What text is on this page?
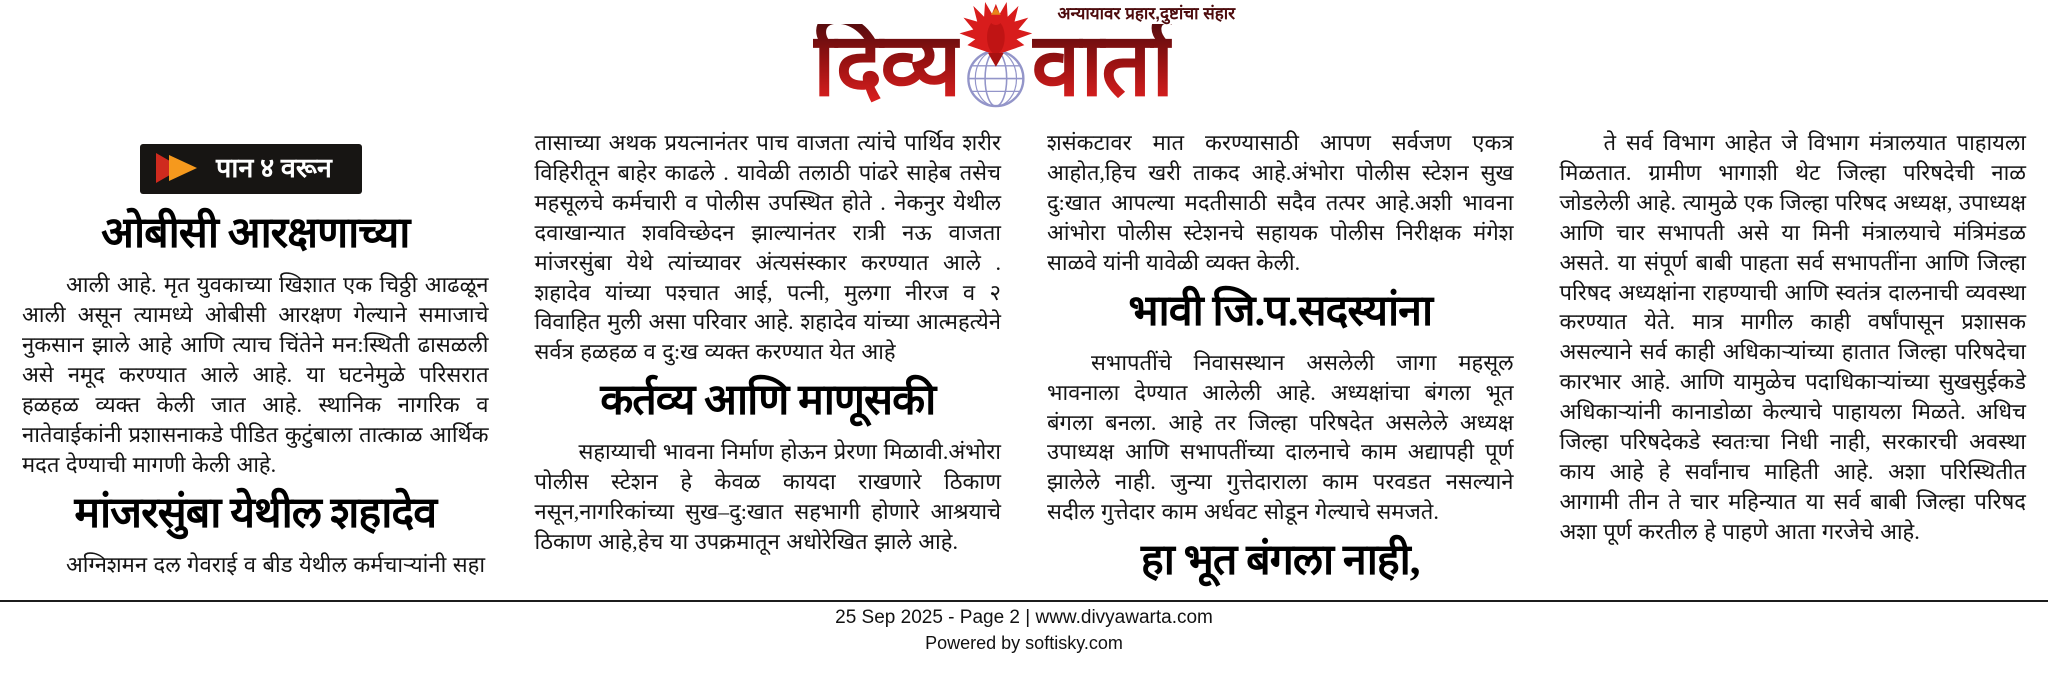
दिव्य
अन्यायावर प्रहार,दुष्टांचा संहार
वार्ता
पान ४ वरून
ओबीसी आरक्षणाच्या

आली आहे. मृत युवकाच्या खिशात एक चिठ्ठी आढळून आली असून त्यामध्ये ओबीसी आरक्षण गेल्याने समाजाचे नुकसान झाले आहे आणि त्याच चिंतेने मन:स्थिती ढासळली असे नमूद करण्यात आले आहे. या घटनेमुळे परिसरात हळहळ व्यक्त केली जात आहे. स्थानिक नागरिक व नातेवाईकांनी प्रशासनाकडे पीडित कुटुंबाला तात्काळ आर्थिक मदत देण्याची मागणी केली आहे.

मांजरसुंबा येथील शहादेव

अग्निशमन दल गेवराई व बीड येथील कर्मचाऱ्यांनी सहा

तासाच्या अथक प्रयत्नानंतर पाच वाजता त्यांचे पार्थिव शरीर विहिरीतून बाहेर काढले . यावेळी तलाठी पांढरे साहेब तसेच महसूलचे कर्मचारी व पोलीस उपस्थित होते . नेकनुर येथील दवाखान्यात शवविच्छेदन झाल्यानंतर रात्री नऊ वाजता मांजरसुंबा येथे त्यांच्यावर अंत्यसंस्कार करण्यात आले . शहादेव यांच्या पश्चात आई, पत्नी, मुलगा नीरज व २ विवाहित मुली असा परिवार आहे. शहादेव यांच्या आत्महत्येने सर्वत्र हळहळ व दु:ख व्यक्त करण्यात येत आहे

कर्तव्य आणि माणूसकी

सहाय्याची भावना निर्माण होऊन प्रेरणा मिळावी.अंभोरा पोलीस स्टेशन हे केवळ कायदा राखणारे ठिकाण नसून,नागरिकांच्या सुख–दु:खात सहभागी होणारे आश्रयाचे ठिकाण आहे,हेच या उपक्रमातून अधोरेखित झाले आहे.

शसंकटावर मात करण्यासाठी आपण सर्वजण एकत्र आहोत,हिच खरी ताकद आहे.अंभोरा पोलीस स्टेशन सुख दु:खात आपल्या मदतीसाठी सदैव तत्पर आहे.अशी भावना आंभोरा पोलीस स्टेशनचे सहायक पोलीस निरीक्षक मंगेश साळवे यांनी यावेळी व्यक्त केली.

भावी जि.प.सदस्यांना

सभापतींचे निवासस्थान असलेली जागा महसूल भावनाला देण्यात आलेली आहे. अध्यक्षांचा बंगला भूत बंगला बनला. आहे तर जिल्हा परिषदेत असलेले अध्यक्ष उपाध्यक्ष आणि सभापतींच्या दालनाचे काम अद्यापही पूर्ण झालेले नाही. जुन्या गुत्तेदाराला काम परवडत नसल्याने सदील गुत्तेदार काम अर्धवट सोडून गेल्याचे समजते.

हा भूत बंगला नाही,

ते सर्व विभाग आहेत जे विभाग मंत्रालयात पाहायला मिळतात. ग्रामीण भागाशी थेट जिल्हा परिषदेची नाळ जोडलेली आहे. त्यामुळे एक जिल्हा परिषद अध्यक्ष, उपाध्यक्ष आणि चार सभापती असे या मिनी मंत्रालयाचे मंत्रिमंडळ असते. या संपूर्ण बाबी पाहता सर्व सभापतींना आणि जिल्हा परिषद अध्यक्षांना राहण्याची आणि स्वतंत्र दालनाची व्यवस्था करण्यात येते. मात्र मागील काही वर्षांपासून प्रशासक असल्याने सर्व काही अधिकाऱ्यांच्या हातात जिल्हा परिषदेचा कारभार आहे. आणि यामुळेच पदाधिकाऱ्यांच्या सुखसुईकडे अधिकाऱ्यांनी कानाडोळा केल्याचे पाहायला मिळते. अधिच जिल्हा परिषदेकडे स्वतःचा निधी नाही, सरकारची अवस्था काय आहे हे सर्वांनाच माहिती आहे. अशा परिस्थितीत आगामी तीन ते चार महिन्यात या सर्व बाबी जिल्हा परिषद अशा पूर्ण करतील हे पाहणे आता गरजेचे आहे.

25 Sep 2025 - Page 2 | www.divyawarta.com
Powered by softisky.com
